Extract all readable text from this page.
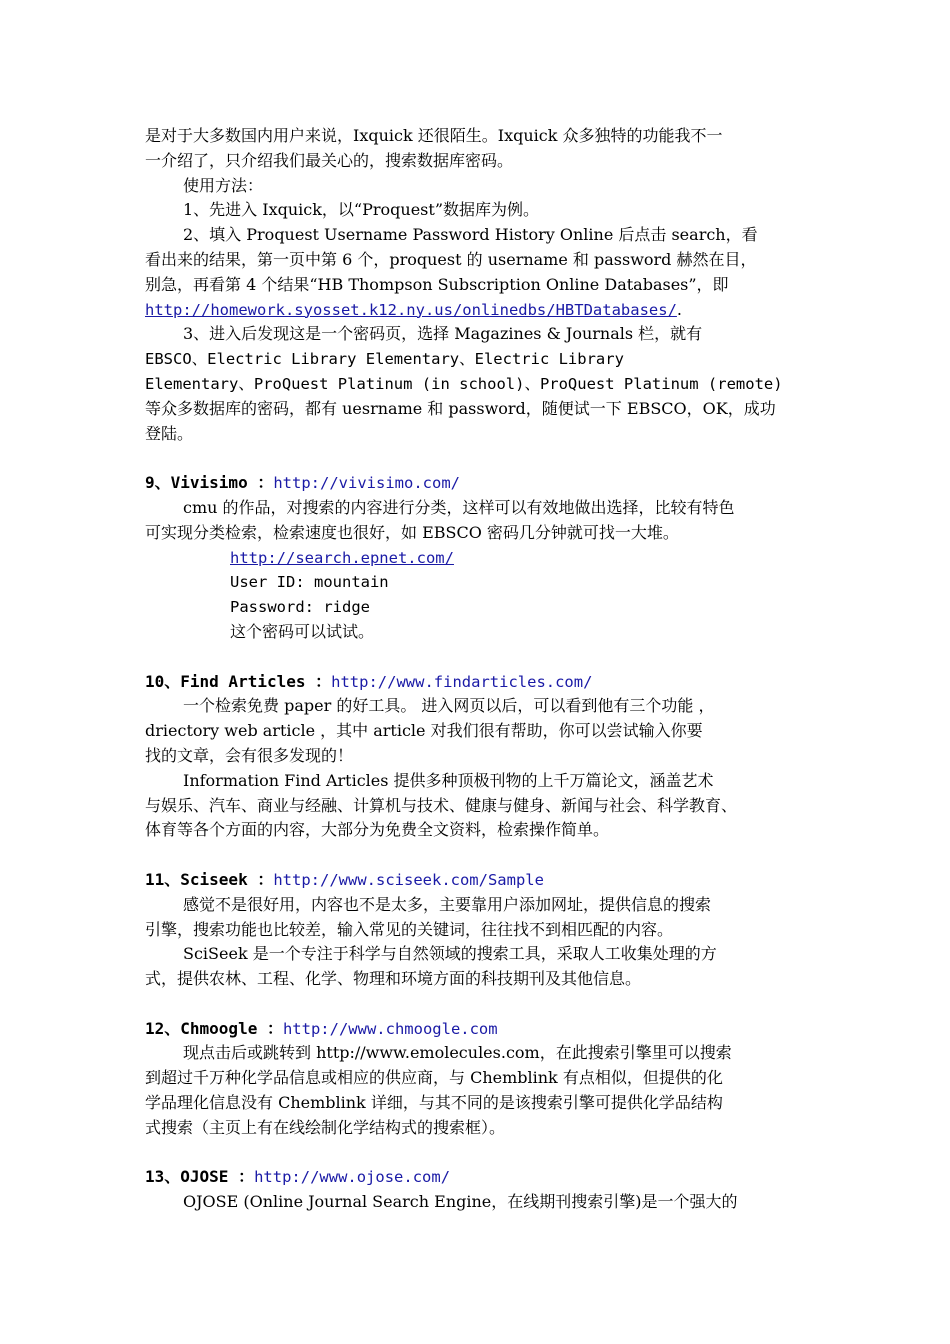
是对于大多数国内用户来说，Ixquick 还很陌生。Ixquick 众多独特的功能我不一
一介绍了，只介绍我们最关心的，搜索数据库密码。
使用方法：
1、先进入 Ixquick，以“Proquest”数据库为例。
2、填入 Proquest Username Password History Online 后点击 search，看
看出来的结果，第一页中第 6 个，proquest 的 username 和 password 赫然在目，
别急，再看第 4 个结果“HB Thompson Subscription Online Databases”，即
http://homework.syosset.k12.ny.us/onlinedbs/HBTDatabases/.
3、进入后发现这是一个密码页，选择 Magazines & Journals 栏，就有
EBSCO、Electric Library Elementary、Electric Library
Elementary、ProQuest Platinum (in school)、ProQuest Platinum (remote)
等众多数据库的密码，都有 uesrname 和 password，随便试一下 EBSCO，OK，成功
登陆。
9、Vivisimo ：http://vivisimo.com/
cmu 的作品，对搜索的内容进行分类，这样可以有效地做出选择，比较有特色
可实现分类检索，检索速度也很好，如 EBSCO 密码几分钟就可找一大堆。
http://search.epnet.com/
User ID: mountain
Password: ridge
这个密码可以试试。
10、Find Articles ：http://www.findarticles.com/
一个检索免费 paper 的好工具。 进入网页以后，可以看到他有三个功能 ，
driectory web article ，其中 article 对我们很有帮助，你可以尝试输入你要
找的文章，会有很多发现的！
Information Find Articles 提供多种顶极刊物的上千万篇论文，涵盖艺术
与娱乐、汽车、商业与经融、计算机与技术、健康与健身、新闻与社会、科学教育、
体育等各个方面的内容，大部分为免费全文资料，检索操作简单。
11、Sciseek ：http://www.sciseek.com/Sample
感觉不是很好用，内容也不是太多，主要靠用户添加网址，提供信息的搜索
引擎，搜索功能也比较差，输入常见的关键词，往往找不到相匹配的内容。
SciSeek 是一个专注于科学与自然领域的搜索工具，采取人工收集处理的方
式，提供农林、工程、化学、物理和环境方面的科技期刊及其他信息。
12、Chmoogle ：http://www.chmoogle.com
现点击后或跳转到 http://www.emolecules.com，在此搜索引擎里可以搜索
到超过千万种化学品信息或相应的供应商，与 Chemblink 有点相似，但提供的化
学品理化信息没有 Chemblink 详细，与其不同的是该搜索引擎可提供化学品结构
式搜索（主页上有在线绘制化学结构式的搜索框）。
13、OJOSE ：http://www.ojose.com/
OJOSE (Online Journal Search Engine，在线期刊搜索引擎)是一个强大的
